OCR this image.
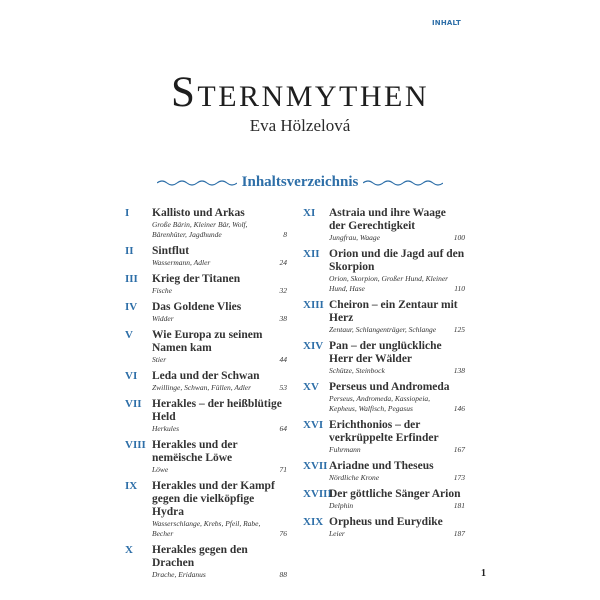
INHALT
Sternmythen
Eva Hölzelová
Inhaltsverzeichnis
I	Kallisto und Arkas
Große Bärin, Kleiner Bär, Wolf, Bärenhüter, Jagdhunde	8
II	Sintflut
Wassermann, Adler	24
III	Krieg der Titanen
Fische	32
IV	Das Goldene Vlies
Widder	38
V	Wie Europa zu seinem Namen kam
Stier	44
VI	Leda und der Schwan
Zwillinge, Schwan, Füllen, Adler	53
VII Herakles – der heißblütige Held
Herkules	64
VIII Herakles und der nemëische Löwe
Löwe	71
IX	Herakles und der Kampf gegen die vielköpfige Hydra
Wasserschlange, Krebs, Pfeil, Rabe, Becher	76
X	Herakles gegen den Drachen
Drache, Eridanus	88
XI	Astraia und ihre Waage der Gerechtigkeit
Jungfrau, Waage	100
XII Orion und die Jagd auf den Skorpion
Orion, Skorpion, Großer Hund, Kleiner Hund, Hase	110
XIII Cheiron – ein Zentaur mit Herz
Zentaur, Schlangenträger, Schlange	125
XIV Pan – der unglückliche Herr der Wälder
Schütze, Steinbock	138
XV Perseus und Andromeda
Perseus, Andromeda, Kassiopeia, Kepheus, Walfisch, Pegasus	146
XVI Erichthonios – der verkrüppelte Erfinder
Fuhrmann	167
XVII Ariadne und Theseus
Nördliche Krone	173
XVIII
Der göttliche Sänger Arion
Delphin	181
XIX Orpheus und Eurydike
Leier	187
1
